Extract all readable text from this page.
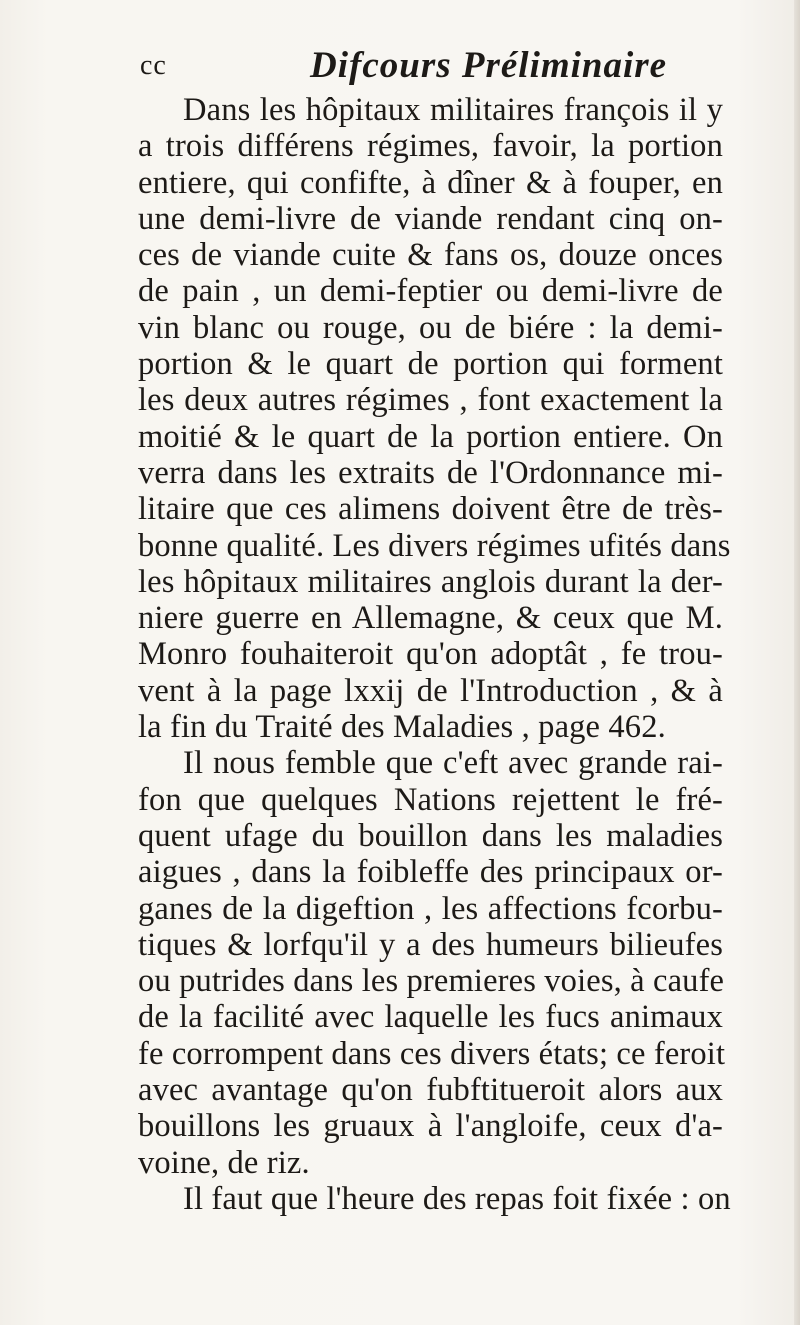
cc	Difcours Préliminaire
Dans les hôpitaux militaires françois il y
a trois différens régimes, favoir, la portion
entiere, qui confifte, à dîner & à fouper, en
une demi-livre de viande rendant cinq on-
ces de viande cuite & fans os, douze onces
de pain , un demi-feptier ou demi-livre de
vin blanc ou rouge, ou de biére : la demi-
portion & le quart de portion qui forment
les deux autres régimes , font exactement la
moitié & le quart de la portion entiere. On
verra dans les extraits de l'Ordonnance mi-
litaire que ces alimens doivent être de très-
bonne qualité. Les divers régimes ufités dans
les hôpitaux militaires anglois durant la der-
niere guerre en Allemagne, & ceux que M.
Monro fouhaiteroit qu'on adoptât , fe trou-
vent à la page lxxij de l'Introduction , & à
la fin du Traité des Maladies , page 462.
Il nous femble que c'eft avec grande rai-
fon que quelques Nations rejettent le fré-
quent ufage du bouillon dans les maladies
aigues , dans la foibleffe des principaux or-
ganes de la digeftion , les affections fcorbu-
tiques & lorfqu'il y a des humeurs bilieufes
ou putrides dans les premieres voies, à caufe
de la facilité avec laquelle les fucs animaux
fe corrompent dans ces divers états; ce feroit
avec avantage qu'on fubftitueroit alors aux
bouillons les gruaux à l'angloife, ceux d'a-
voine, de riz.
Il faut que l'heure des repas foit fixée : on
